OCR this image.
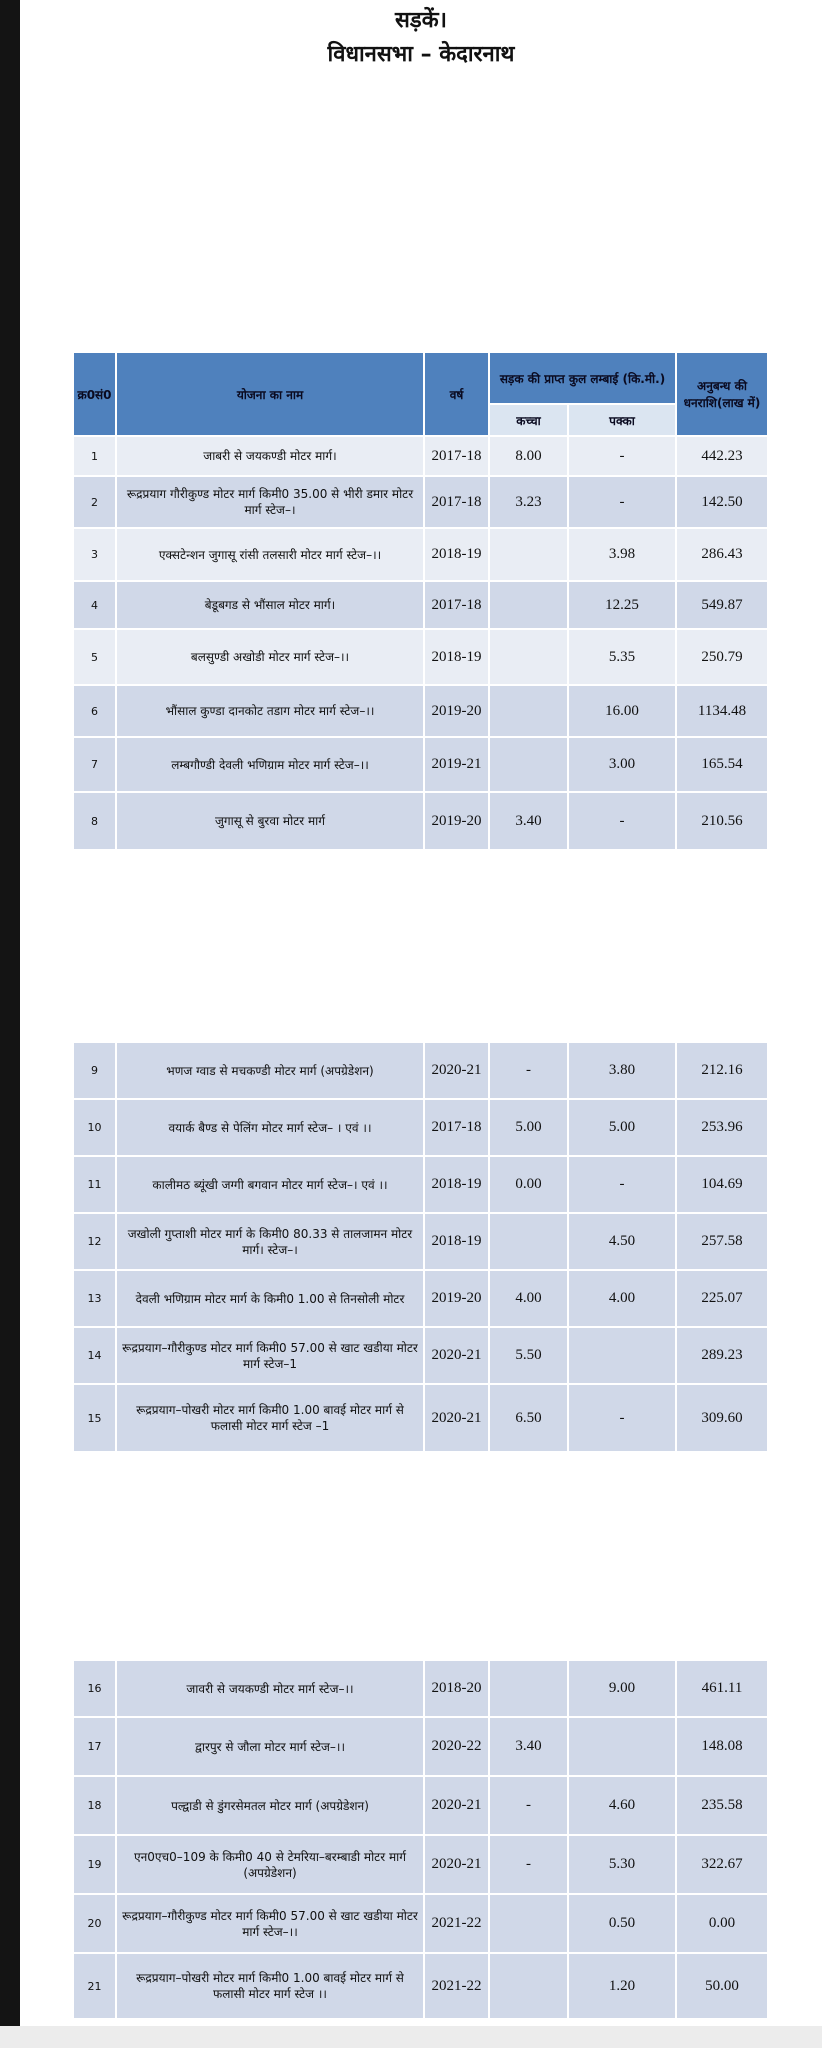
सड़कें।
विधानसभा – केदारनाथ
क्र0सं0	योजना का नाम	वर्ष	सड़क की प्राप्त कुल लम्बाई (कि.मी.)		अनुबन्ध की धनराशि(लाख में)
			कच्चा	पक्का	
1	जाबरी से जयकण्डी मोटर मार्ग।	2017-18	8.00	-	442.23
2	रूद्रप्रयाग गौरीकुण्ड मोटर मार्ग किमी0 35.00 से भीरी डमार मोटर मार्ग स्टेज–।	2017-18	3.23	-	142.50
3	एक्सटेन्शन जुगासू रांसी तलसारी मोटर मार्ग स्टेज–।।	2018-19		3.98	286.43
4	बेडूबगड से भौंसाल मोटर मार्ग।	2017-18		12.25	549.87
5	बलसुण्डी अखोडी मोटर मार्ग स्टेज–।।	2018-19		5.35	250.79
6	भौंसाल कुण्डा दानकोट तडाग मोटर मार्ग स्टेज–।।	2019-20		16.00	1134.48
7	लम्बगौण्डी देवली भणिग्राम मोटर मार्ग स्टेज–।।	2019-21		3.00	165.54
8	जुगासू से बुरवा मोटर मार्ग	2019-20	3.40	-	210.56
9	भणज ग्वाड से मचकण्डी मोटर मार्ग (अपग्रेडेशन)	2020-21	-	3.80	212.16
10	वयार्क बैण्ड से पेलिंग मोटर मार्ग स्टेज– । एवं ।।	2017-18	5.00	5.00	253.96
11	कालीमठ ब्यूंखी जग्गी बगवान मोटर मार्ग स्टेज–। एवं ।।	2018-19	0.00	-	104.69
12	जखोली गुप्ताशी मोटर मार्ग के किमी0 80.33 से तालजामन मोटर मार्ग। स्टेज–।	2018-19		4.50	257.58
13	देवली भणिग्राम मोटर मार्ग के किमी0 1.00 से तिनसोली मोटर	2019-20	4.00	4.00	225.07
14	रूद्रप्रयाग–गौरीकुण्ड मोटर मार्ग किमी0 57.00 से खाट खडीया मोटर मार्ग स्टेज–1	2020-21	5.50		289.23
15	रूद्रप्रयाग–पोखरी मोटर मार्ग किमी0 1.00 बावई मोटर मार्ग से फलासी मोटर मार्ग स्टेज –1	2020-21	6.50	-	309.60
16	जावरी से जयकण्डी मोटर मार्ग स्टेज–।।	2018-20		9.00	461.11
17	द्वारपुर से जौला मोटर मार्ग स्टेज–।।	2020-22	3.40		148.08
18	पल्द्वाडी से डुंगरसेमतल मोटर मार्ग (अपग्रेडेशन)	2020-21	-	4.60	235.58
19	एन0एच0–109 के किमी0 40 से टेमरिया–बरम्बाडी मोटर मार्ग (अपग्रेडेशन)	2020-21	-	5.30	322.67
20	रूद्रप्रयाग–गौरीकुण्ड मोटर मार्ग किमी0 57.00 से खाट खडीया मोटर मार्ग स्टेज–।।	2021-22		0.50	0.00
21	रूद्रप्रयाग–पोखरी मोटर मार्ग किमी0 1.00 बावई मोटर मार्ग से फलासी मोटर मार्ग स्टेज ।।	2021-22		1.20	50.00
